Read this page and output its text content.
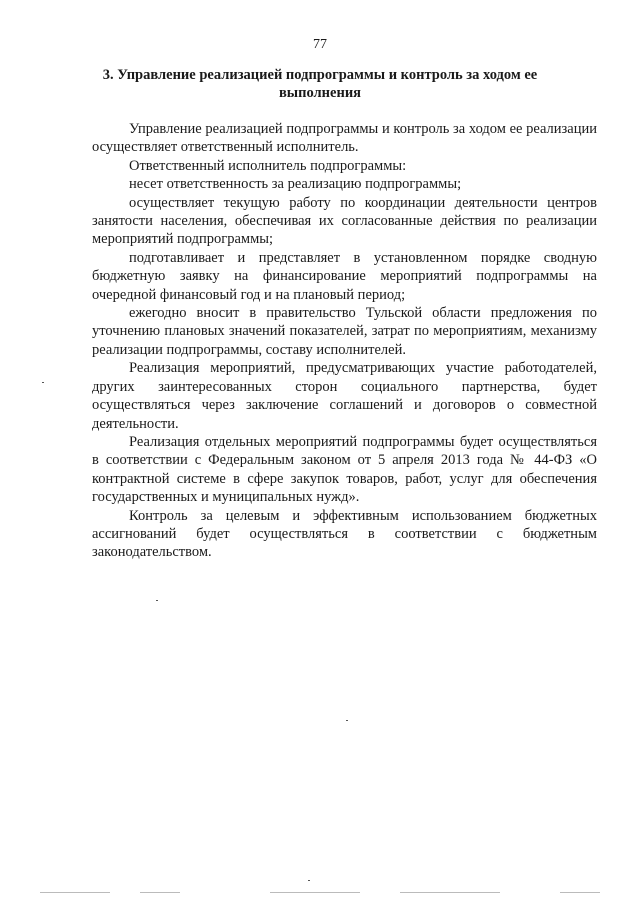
77
3. Управление реализацией подпрограммы и контроль за ходом ее выполнения

Управление реализацией подпрограммы и контроль за ходом ее реализации осуществляет ответственный исполнитель.

Ответственный исполнитель подпрограммы:

несет ответственность за реализацию подпрограммы;

осуществляет текущую работу по координации деятельности центров занятости населения, обеспечивая их согласованные действия по реализации мероприятий подпрограммы;

подготавливает и представляет в установленном порядке сводную бюджетную заявку на финансирование мероприятий подпрограммы на очередной финансовый год и на плановый период;

ежегодно вносит в правительство Тульской области предложения по уточнению плановых значений показателей, затрат по мероприятиям, механизму реализации подпрограммы, составу исполнителей.

Реализация мероприятий, предусматривающих участие работодателей, других заинтересованных сторон социального партнерства, будет осуществляться через заключение соглашений и договоров о совместной деятельности.

Реализация отдельных мероприятий подпрограммы будет осуществляться в соответствии с Федеральным законом от 5 апреля 2013 года № 44-ФЗ «О контрактной системе в сфере закупок товаров, работ, услуг для обеспечения государственных и муниципальных нужд».

Контроль за целевым и эффективным использованием бюджетных ассигнований будет осуществляться в соответствии с бюджетным законодательством.
